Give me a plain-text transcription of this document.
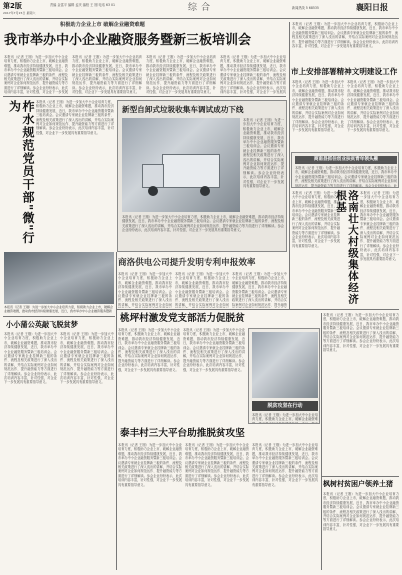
第2版
2017年7月15日 星期六
责编 金富平 编辑 孟庆 编校 王 刚 电话 63 01	综合	新闻热线 5 68535	襄阳日报
积极助力企业上市 破解企业融资难题
我市举办中小企业融资服务暨新三板培训会
本报讯（记者 王刚）为进一步加大中小企业培育力度，积极助力企业上市，破解企业融资难题，推动我市经济持续健康发展，近日，我市举办中小企业融资服务暨新三板培训会。会议邀请专家就企业挂牌新三板的条件、流程及相关政策进行了深入浅出的讲解，并结合实际案例对企业如何规范运作、提升融资能力等方面进行了详细解读。参会企业纷纷表示，此次培训内容丰富，针对性强，对企业下一步发展
本报讯（记者 王刚）为进一步加大中小企业培育力度，积极助力企业上市，破解企业融资难题，推动我市经济持续健康发展，近日，我市举办中小企业融资服务暨新三板培训会。会议邀请专家就企业挂牌新三板的条件、流程及相关政策进行了深入浅出的讲解，并结合实际案例对企业如何规范运作、提升融资能力等方面进行了详细解读。参会企业纷纷表示，此次培训内容丰富，针对性强，对企业下一步发展具有重要指导意义。
本报讯（记者 王刚）为进一步加大中小企业培育力度，积极助力企业上市，破解企业融资难题，推动我市经济持续健康发展，近日，我市举办中小企业融资服务暨新三板培训会。会议邀请专家就企业挂牌新三板的条件、流程及相关政策进行了深入浅出的讲解，并结合实际案例对企业如何规范运作、提升融资能力等方面进行了详细解读。参会企业纷纷表示，此次培训内容丰富，针对性强，对企业下一步发展具有重要指导意义。
本报讯（记者 王刚）为进一步加大中小企业培育力度，积极助力企业上市，破解企业融资难题，推动我市经济持续健康发展，近日，我市举办中小企业融资服务暨新三板培训会。会议邀请专家就企业挂牌新三板的条件、流程及相关政策进行了深入浅出的讲解，并结合实际案例对企业如何规范运作、提升融资能力等方面进行了详细解读。参会企业纷纷表示，此次培训内容丰富，针对性强，对企业下一步发展具
本报讯（记者 王刚）为进一步加大中小企业培育力度，积极助力企业上市，破解企业融资难题，推动我市经济持续健康发展，近日，我市举办中小企业融资服务暨新三板培训会。会议邀请专家就企业挂牌新三板的条件、流程及相关政策进行了深入浅出的讲解，并结合实际案例对企业如何规范运作、提升融资能力等方面进行了详细解读。参会企业纷纷表示，此次培训内容丰富，针对性强，对企业下一步发展具有重要指导意义。
市上安排部署精神文明建设工作
本报讯（记者 王刚）为进一步加大中小企业培育力度，积极助力企业上市，破解企业融资难题，推动我市经济持续健康发展，近日，我市举办中小企业融资服务暨新三板培训会。会议邀请专家就企业挂牌新三板的条件、流程及相关政策进行了深入浅出的讲解，并结合实际案例对企业如何规范运作、提升融资能力等方面进行了详细解读。参会企业纷纷表示，此次培训内容丰富，针对性强，对企业下一步发展具有重要指导意义。
本报讯（记者 王刚）为进一步加大中小企业培育力度，积极助力企业上市，破解企业融资难题，推动我市经济持续健康发展，近日，我市举办中小企业融资服务暨新三板培训会。会议邀请专家就企业挂牌新三板的条件、流程及相关政策进行了深入浅出的讲解，并结合实际案例对企业如何规范运作、提升融资能力等方面进行了详细解读。参会企业纷纷表示，此次培训内容丰富，针对性强，对企业下一步发展具有重要指导意义。
柞水规范党员干部"微"行为	本报讯（记者 王刚）为进一步加大中小企业培育力度，积极助力企业上市，破解企业融资难题，推动我市经济持续健康发展，近日，我市举办中小企业融资服务暨新三板培训会。会议邀请专家就企业挂牌新三板的条件、流程及相关政策进行了深入浅出的讲解，并结合实际案例对企业如何规范运作、提升融资能力等方面进行了详细解读。参会企业纷纷表示，此次培训内容丰富，针对性强，对企业下一步发展具有重要指导意义。
新型自卸式垃圾收集车调试成功下线
本报讯（记者 王刚）为进一步加大中小企业培育力度，积极助力企业上市，破解企业融资难题，推动我市经济持续健康发展，近日，我市举办中小企业融资服务暨新三板培训会。会议邀请专家就企业挂牌新三板的条件、流程及相关政策进行了深入浅出的讲解，并结合实际案例对企业如何规范运作、提升融资能力等方面进行了详细解读。参会企业纷纷表示，此次培训内容丰富，针对性强，对企业下一步发展具有重要指导意义。
本报讯（记者 王刚）为进一步加大中小企业培育力度，积极助力企业上市，破解企业融资难题，推动我市经济持续健康发展，近日，我市举办中小企业融资服务暨新三板培训会。会议邀请专家就企业挂牌新三板的条件、流程及相关政策进行了深入浅出的讲解，并结合实际案例对企业如何规范运作、提升融资能力等方面进行了详细解读。参会企业纷纷表示，此次培训内容丰富，针对性强，对企业下一步发展具有重要指导意义。
商南县抓住创业扶贫青年领头雁
本报讯（记者 王刚）为进一步加大中小企业培育力度，积极助力企业上市，破解企业融资难题，推动我市经济持续健康发展，近日，我市举办中小企业融资服务暨新三板培训会。会议邀请专家就企业挂牌新三板的条件、流程及相关政策进行了深入浅出的讲解，并结合实际案例对企业如何规范运作、提升融资能力等方面进行了详细解读。参会企业纷纷表示，此
本报讯（记者 王刚）为进一步加大中小企业培育力度，积极助力企业上市，破解企业融资难题，推动我市经济持续健康发展，近日，我市举办中小企业融资服务暨新三板培训会。会议邀请专家就企业挂牌新三板的条件、流程及相关政策进行了深入浅出的讲解，并结合实际案例对企业如何规范运作、提升融资能力等方面进行了详细解读。参会企业纷纷表示，此次培训内容丰富，针对性强，对企业下一步发展具有重要指导意义。	洛南壮大村级集体经济根基	本报讯（记者 王刚）为进一步加大中小企业培育力度，积极助力企业上市，破解企业融资难题，推动我市经济持续健康发展，近日，我市举办中小企业融资服务暨新三板培训会。会议邀请专家就企业挂牌新三板的条件、流程及相关政策进行了深入浅出的讲解，并结合实际案例对企业如何规范运作、提升融资能力等方面进行了详细解读。参会企业纷纷表示，此次培训内容丰富，针对性强，对企业下一步发展具有重要指导意义。
商洛供电公司提升发明专利申报效率
本报讯（记者 王刚）为进一步加大中小企业培育力度，积极助力企业上市，破解企业融资难题，推动我市经济持续健康发展，近日，我市举办中小企业融资服务暨新三板培训会。会议邀请专家就企业挂牌新三板的条件、流程及相关政策进行了深入浅出的讲解，并结合实际案例对企业如何
本报讯（记者 王刚）为进一步加大中小企业培育力度，积极助力企业上市，破解企业融资难题，推动我市经济持续健康发展，近日，我市举办中小企业融资服务暨新三板培训会。会议邀请专家就企业挂牌新三板的条件、流程及相关政策进行了深入浅出的讲解，并结合实际案例对企业如何
本报讯（记者 王刚）为进一步加大中小企业培育力度，积极助力企业上市，破解企业融资难题，推动我市经济持续健康发展，近日，我市举办中小企业融资服务暨新三板培训会。会议邀请专家就企业挂牌新三板的条件、流程及相关政策进行了深入浅出的讲解，并结合实际案例对企业如何规范运作、提升融资
本报讯（记者 王刚）为进一步加大中小企业培育力度，积极助力企业上市，破解企业融资难题，推动我市经济持续健康发展，近日，我市举办中小企业融资服务暨新
小小蒲公英敲飞脱贫梦
本报讯（记者 王刚）为进一步加大中小企业培育力度，积极助力企业上市，破解企业融资难题，推动我市经济持续健康发展，近日，我市举办中小企业融资服务暨新三板培训会。会议邀请专家就企业挂牌新三板的条件、流程及相关政策进行了深入浅出的讲解，并结合实际案例对企业如何规范运作、提升融资能力等方面进行了详细解读。参会企业纷纷表示，此次培训内容丰富，针对性强，对企业下一步发展具有重要指导意义。
本报讯（记者 王刚）为进一步加大中小企业培育力度，积极助力企业上市，破解企业融资难题，推动我市经济持续健康发展，近日，我市举办中小企业融资服务暨新三板培训会。会议邀请专家就企业挂牌新三板的条件、流程及相关政策进行了深入浅出的讲解，并结合实际案例对企业如何规范运作、提升融资能力等方面进行了详细解读。参会企业纷纷表示，此次培训内容丰富，针对性强，对企业下一步发展具有重要指导意义。
桃坪村激发党支部活力促脱贫
本报讯（记者 王刚）为进一步加大中小企业培育力度，积极助力企业上市，破解企业融资难题，推动我市经济持续健康发展，近日，我市举办中小企业融资服务暨新三板培训会。会议邀请专家就企业挂牌新三板的条件、流程及相关政策进行了深入浅出的讲解，并结合实际案例对企业如何规范运作、提升融资能力等方面进行了详细解读。参会企业纷纷表示，此次培训内容丰富，针对性强，对企业下一步发展具有重要指导意义。
本报讯（记者 王刚）为进一步加大中小企业培育力度，积极助力企业上市，破解企业融资难题，推动我市经济持续健康发展，近日，我市举办中小企业融资服务暨新三板培训会。会议邀请专家就企业挂牌新三板的条件、流程及相关政策进行了深入浅出的讲解，并结合实际案例对企业如何规范运作、提升融资能力等方面进行了详细解读。参会企业纷纷表示，此次培训内容丰富，针对性强，对企业下一步发展具有重要指导意义。
脱贫攻坚在行动
本报讯（记者 王刚）为进一步加大中小企业培育力度，积极助力企业上市，破解企业融资难
本报讯（记者 王刚）为进一步加大中小企业培育力度，积极助力企业上市，破解企业融资难题，推动我市经济持续健康发展，近日，我市举办中小企业融资服务暨新三板培训会。会议邀请专家就企业挂牌新三板的条件、流程及相关政策进行了深入浅出的讲解，并结合实际案例对企业如何规范运作、提升融资能力等方面进行了详细解读。参会企业纷纷表示，此次培训内容丰富，针对性强，对企业下一步发展具有重要指导意义。
泰丰村三大平台助推脱贫攻坚
本报讯（记者 王刚）为进一步加大中小企业培育力度，积极助力企业上市，破解企业融资难题，推动我市经济持续健康发展，近日，我市举办中小企业融资服务暨新三板培训会。会议邀请专家就企业挂牌新三板的条件、流程及相关政策进行了深入浅出的讲解，并结合实际案例对企业如何规范运作、提升融资能力等方面进行了详细解读。参会企业纷纷表示，此次培训内容丰富，针对性强，对企业下一步发展具有重要指导意义。
本报讯（记者 王刚）为进一步加大中小企业培育力度，积极助力企业上市，破解企业融资难题，推动我市经济持续健康发展，近日，我市举办中小企业融资服务暨新三板培训会。会议邀请专家就企业挂牌新三板的条件、流程及相关政策进行了深入浅出的讲解，并结合实际案例对企业如何规范运作、提升融资能力等方面进行了详细解读。参会企业纷纷表示，此次培训内容丰富，针对性强，对企业下一步发展具有重要指导意义。
本报讯（记者 王刚）为进一步加大中小企业培育力度，积极助力企业上市，破解企业融资难题，推动我市经济持续健康发展，近日，我市举办中小企业融资服务暨新三板培训会。会议邀请专家就企业挂牌新三板的条件、流程及相关政策进行了深入浅出的讲解，并结合实际案例对企业如何规范运作、提升融资能力等方面进行了详细解读。参会企业纷纷表示，此次培训内容丰富，针对性强，对企业下一步发展具有重要指导意义。	枫树村贫困户领养土猪
本报讯（记者 王刚）为进一步加大中小企业培育力度，积极助力企业上市，破解企业融资难题，推动我市经济持续健康发展，近日，我市举办中小企业融资服务暨新三板培训会。会议邀请专家就企业挂牌新三板的条件、流程及相关政策进行了深入浅出的讲解，并结合实际案例对企业如何规范运作、提升融资能力等方面进行了详细解读。参会企业纷纷表示，此次培训内容丰富，针对性强，对企业下一步发展具有重要指导意义。
